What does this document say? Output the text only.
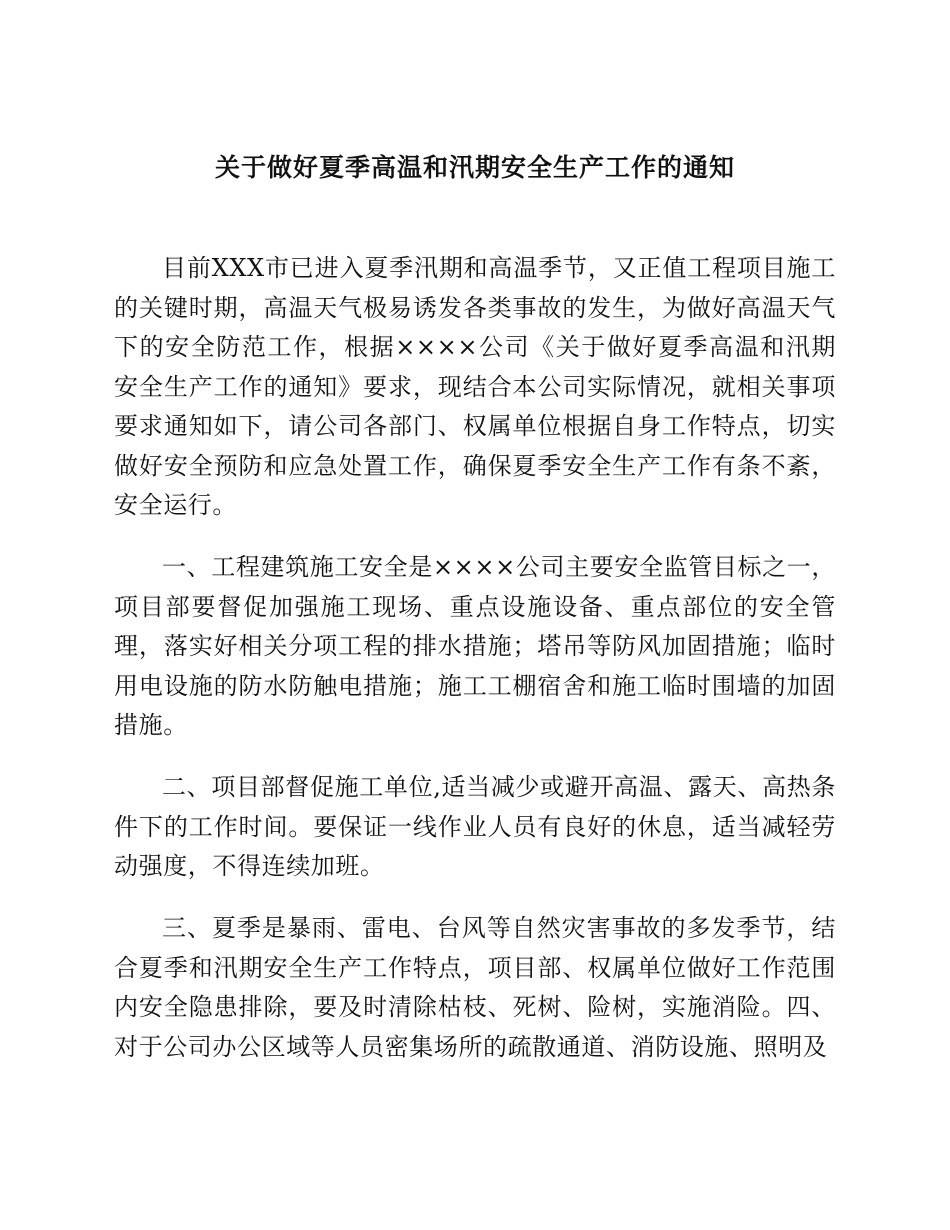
关于做好夏季高温和汛期安全生产工作的通知

目前XXX市已进入夏季汛期和高温季节，又正值工程项目施工的关键时期，高温天气极易诱发各类事故的发生，为做好高温天气下的安全防范工作，根据××××公司《关于做好夏季高温和汛期安全生产工作的通知》要求，现结合本公司实际情况，就相关事项要求通知如下，请公司各部门、权属单位根据自身工作特点，切实做好安全预防和应急处置工作，确保夏季安全生产工作有条不紊，安全运行。

一、工程建筑施工安全是××××公司主要安全监管目标之一，项目部要督促加强施工现场、重点设施设备、重点部位的安全管理，落实好相关分项工程的排水措施；塔吊等防风加固措施；临时用电设施的防水防触电措施；施工工棚宿舍和施工临时围墙的加固措施。

二、项目部督促施工单位,适当减少或避开高温、露天、高热条件下的工作时间。要保证一线作业人员有良好的休息，适当减轻劳动强度，不得连续加班。

三、夏季是暴雨、雷电、台风等自然灾害事故的多发季节，结合夏季和汛期安全生产工作特点，项目部、权属单位做好工作范围内安全隐患排除，要及时清除枯枝、死树、险树，实施消险。四、对于公司办公区域等人员密集场所的疏散通道、消防设施、照明及
